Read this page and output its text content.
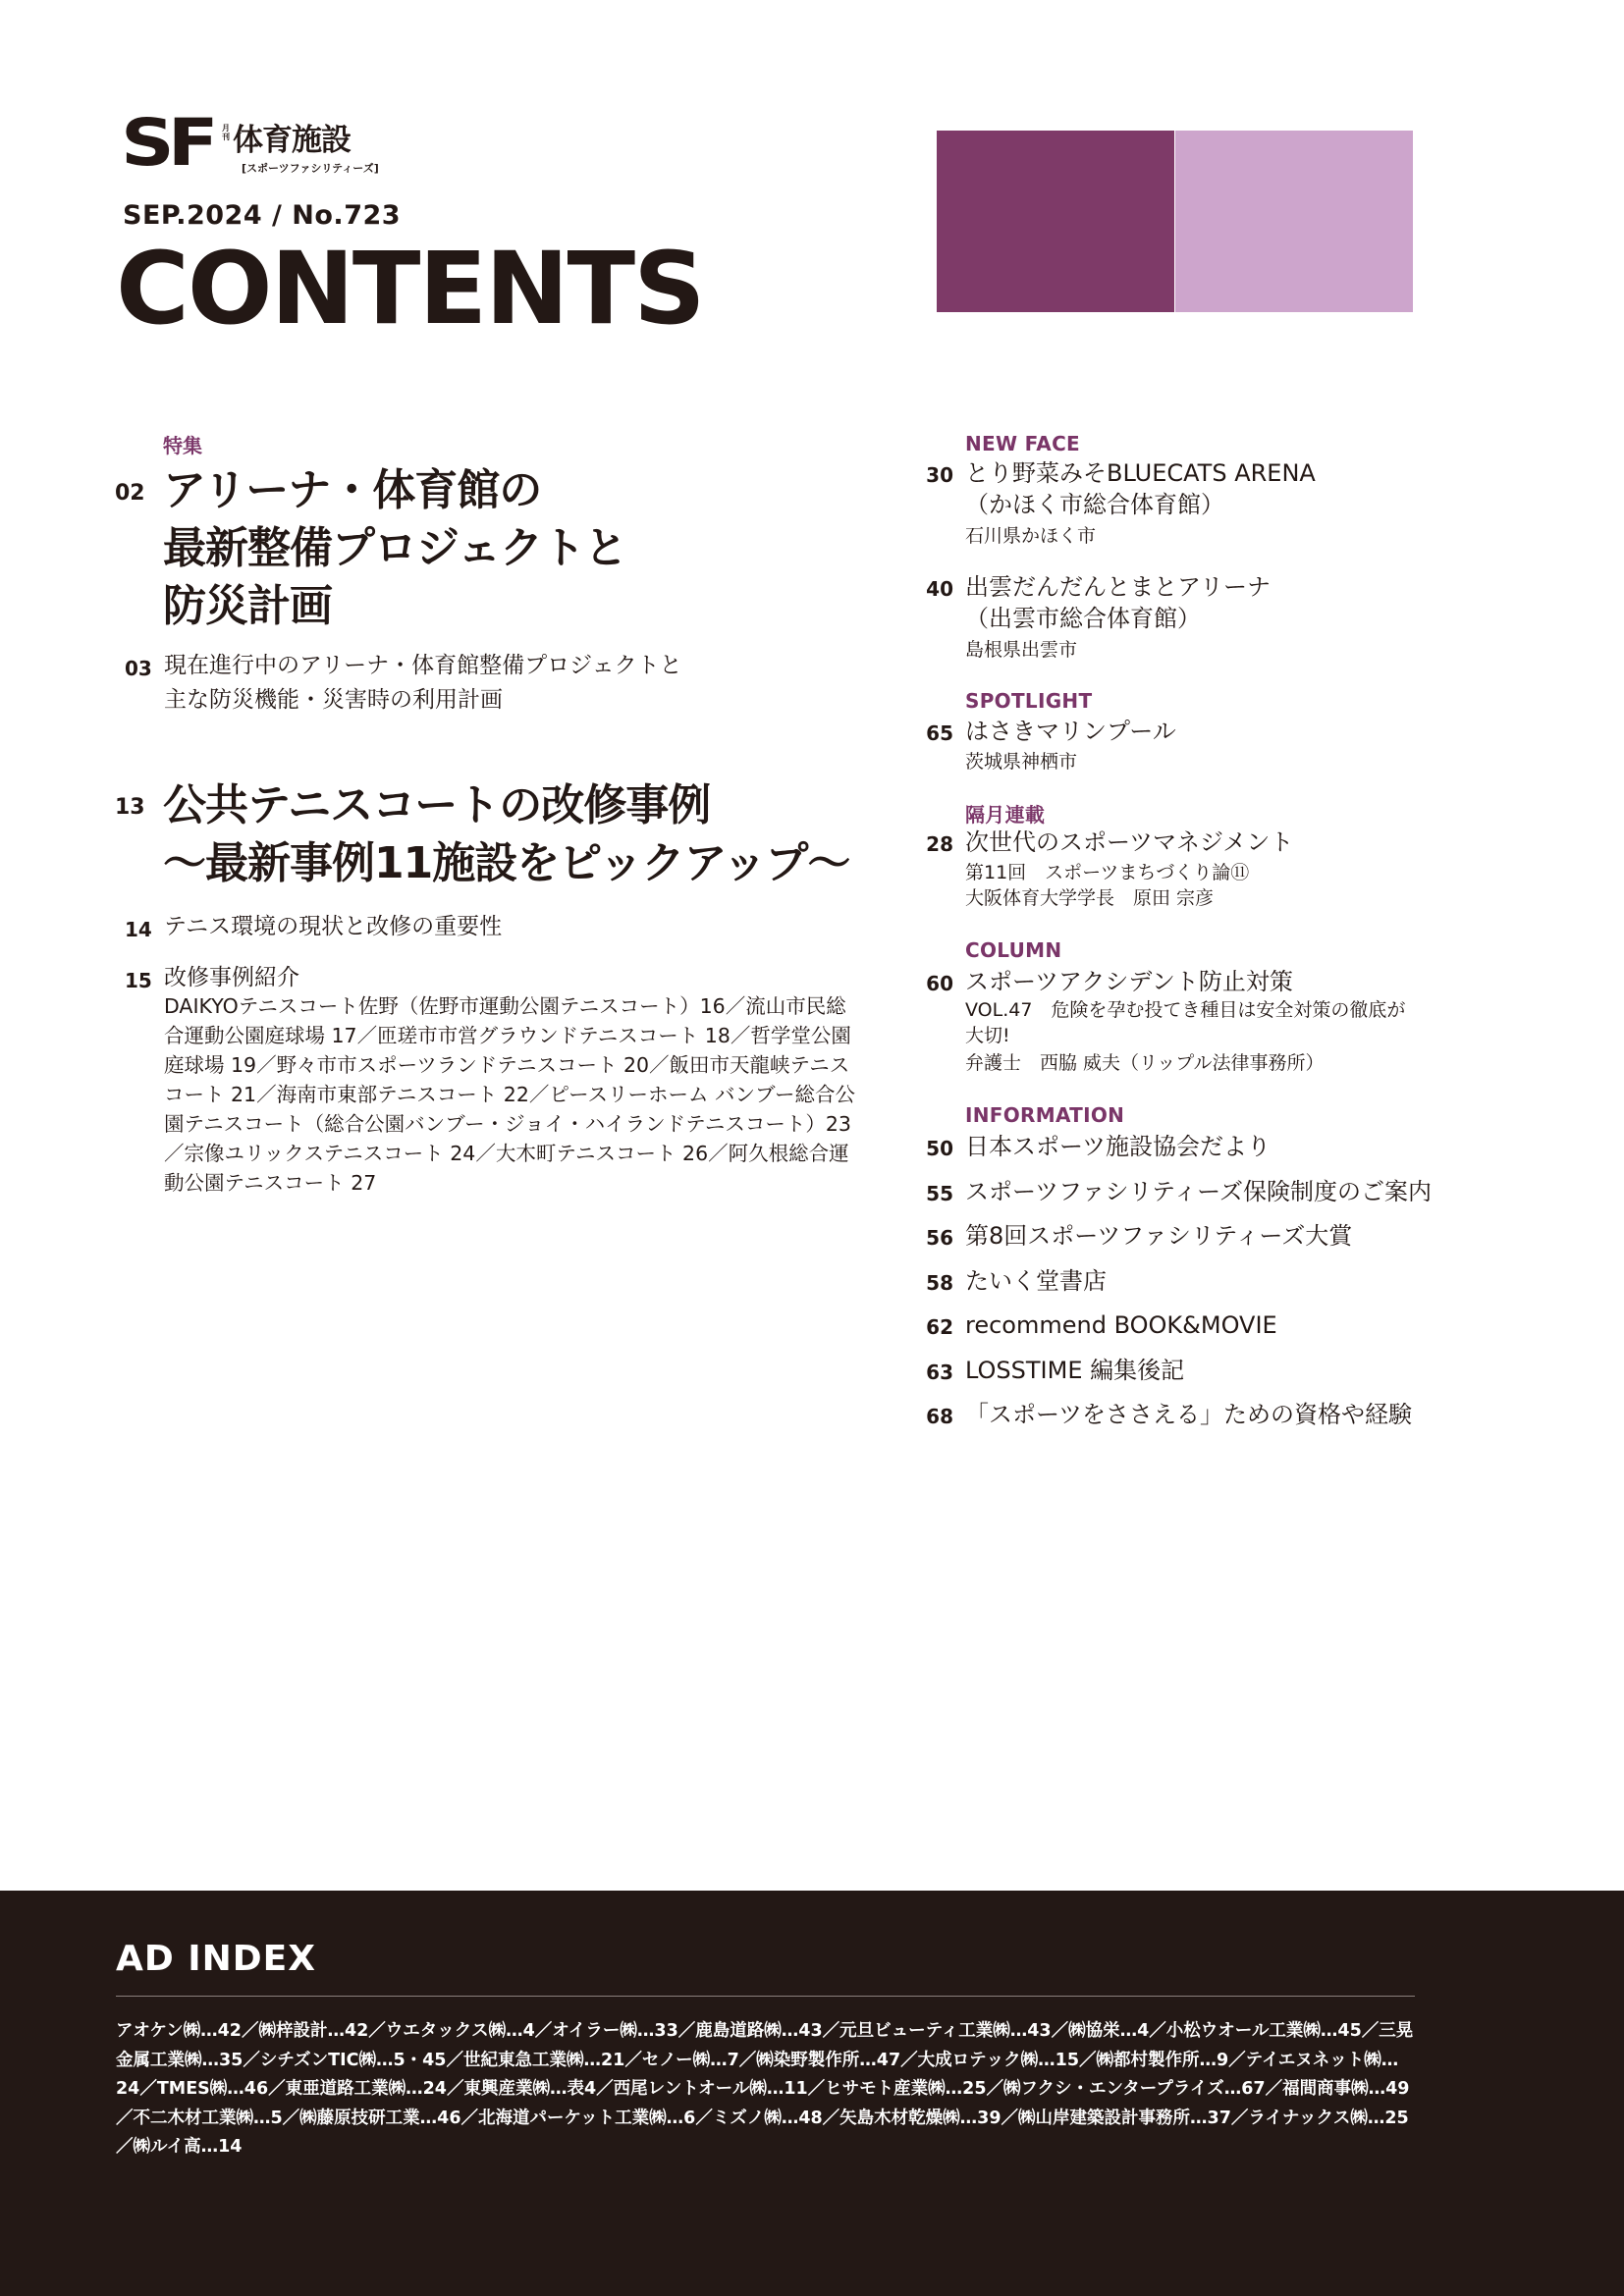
SF 月刊 体育施設
[スポーツファシリティーズ]
SEP.2024 / No.723
CONTENTS
特集
02 アリーナ・体育館の
最新整備プロジェクトと
防災計画
03 現在進行中のアリーナ・体育館整備プロジェクトと
主な防災機能・災害時の利用計画
13 公共テニスコートの改修事例
～最新事例11施設をピックアップ～
14 テニス環境の現状と改修の重要性
15 改修事例紹介
DAIKYOテニスコート佐野（佐野市運動公園テニスコート）16／流山市民総合運動公園庭球場 17／匝瑳市市営グラウンドテニスコート 18／哲学堂公園庭球場 19／野々市市スポーツランドテニスコート 20／飯田市天龍峡テニスコート 21／海南市東部テニスコート 22／ピースリーホーム バンブー総合公園テニスコート（総合公園バンブー・ジョイ・ハイランドテニスコート）23／宗像ユリックステニスコート 24／大木町テニスコート 26／阿久根総合運動公園テニスコート 27
NEW FACE
30 とり野菜みそBLUECATS ARENA
（かほく市総合体育館）
石川県かほく市
40 出雲だんだんとまとアリーナ
（出雲市総合体育館）
島根県出雲市
SPOTLIGHT
65 はさきマリンプール
茨城県神栖市
隔月連載
28 次世代のスポーツマネジメント
第11回　スポーツまちづくり論⑪
大阪体育大学学長　原田 宗彦
COLUMN
60 スポーツアクシデント防止対策
VOL.47　危険を孕む投てき種目は安全対策の徹底が
大切!
弁護士　西脇 威夫（リップル法律事務所）
INFORMATION
50 日本スポーツ施設協会だより
55 スポーツファシリティーズ保険制度のご案内
56 第8回スポーツファシリティーズ大賞
58 たいく堂書店
62 recommend BOOK&MOVIE
63 LOSSTIME 編集後記
68 「スポーツをささえる」ための資格や経験
AD INDEX
アオケン㈱…42／㈱梓設計…42／ウエタックス㈱…4／オイラー㈱…33／鹿島道路㈱…43／元旦ビューティ工業㈱…43／㈱協栄…4／小松ウオール工業㈱…45／三晃金属工業㈱…35／シチズンTIC㈱…5・45／世紀東急工業㈱…21／セノー㈱…7／㈱染野製作所…47／大成ロテック㈱…15／㈱都村製作所…9／テイエヌネット㈱…24／TMES㈱…46／東亜道路工業㈱…24／東興産業㈱…表4／西尾レントオール㈱…11／ヒサモト産業㈱…25／㈱フクシ・エンタープライズ…67／福間商事㈱…49／不二木材工業㈱…5／㈱藤原技研工業…46／北海道パーケット工業㈱…6／ミズノ㈱…48／矢島木材乾燥㈱…39／㈱山岸建築設計事務所…37／ライナックス㈱…25／㈱ルイ高…14
